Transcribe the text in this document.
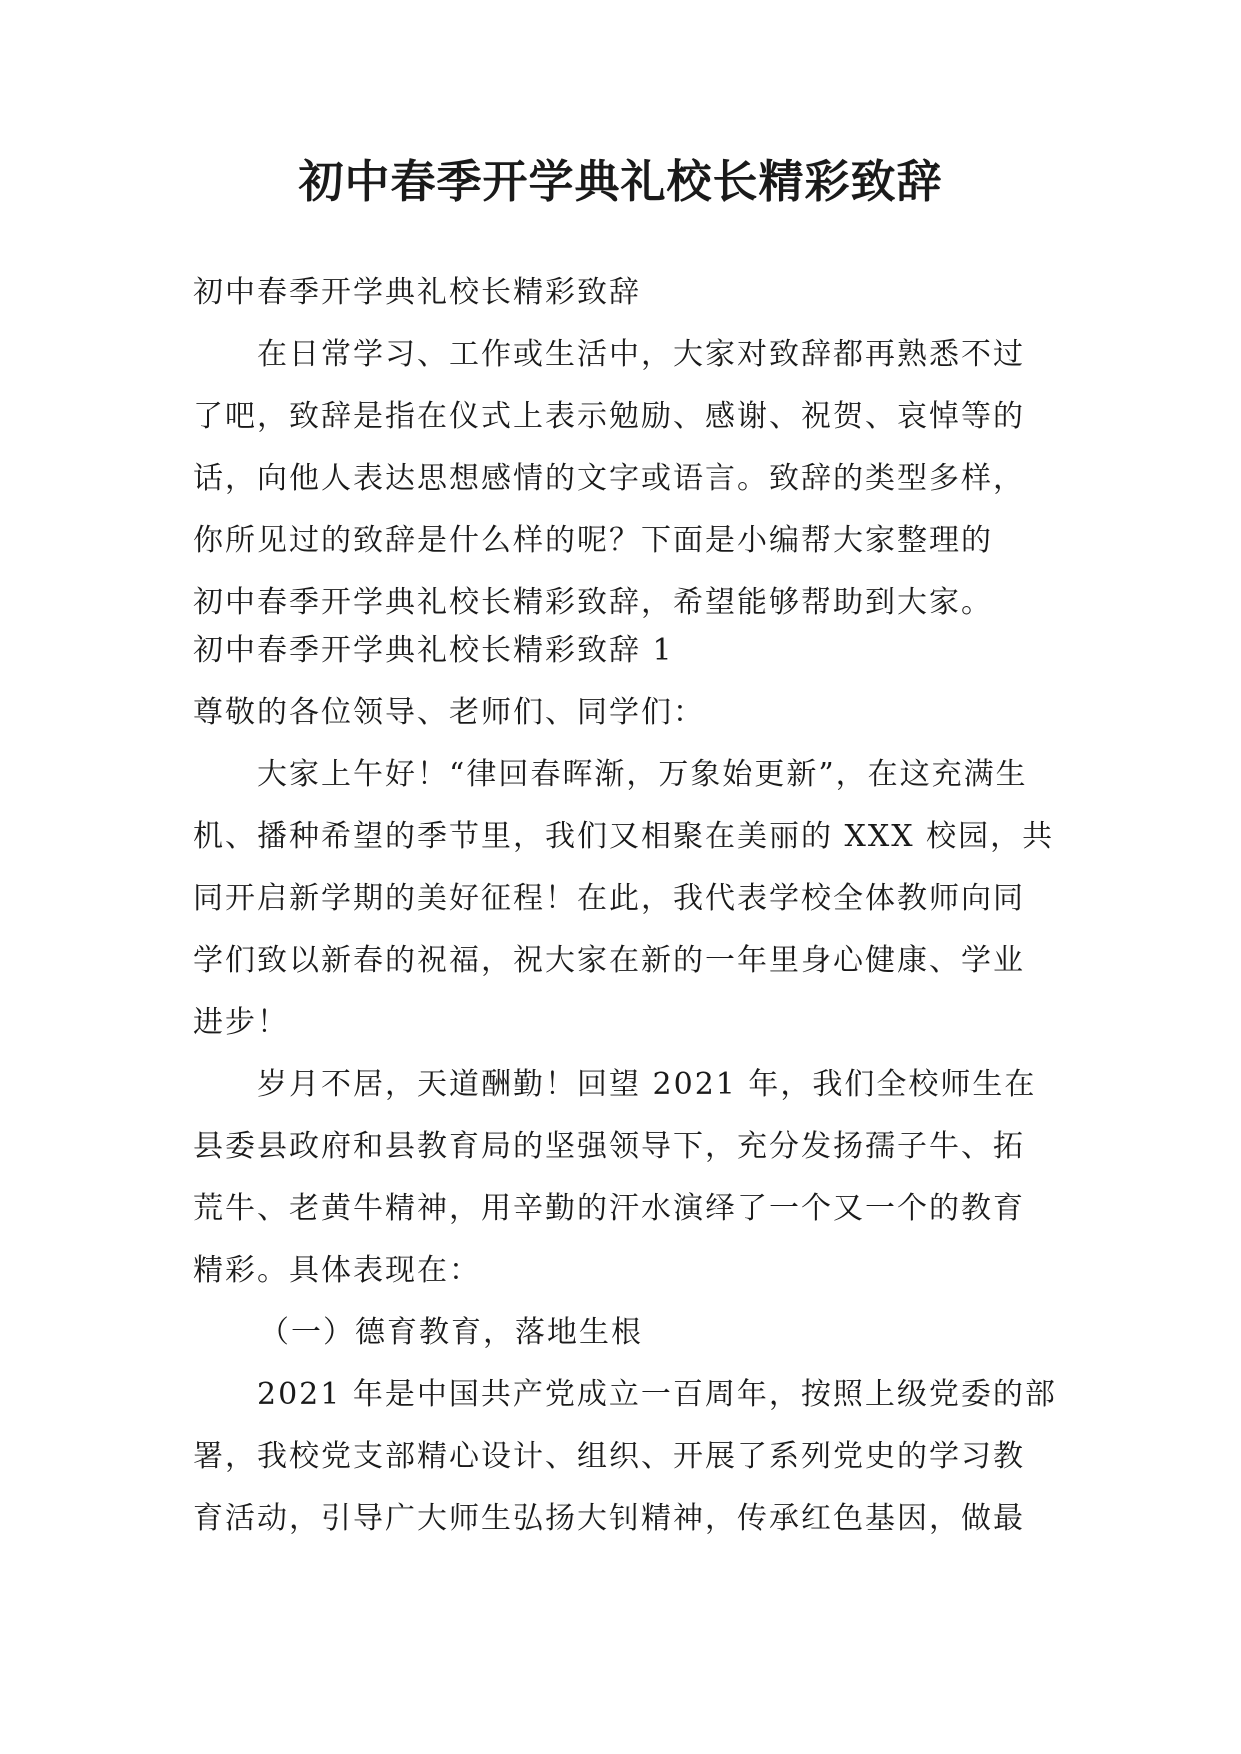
初中春季开学典礼校长精彩致辞
初中春季开学典礼校长精彩致辞
在日常学习、工作或生活中，大家对致辞都再熟悉不过
了吧，致辞是指在仪式上表示勉励、感谢、祝贺、哀悼等的
话，向他人表达思想感情的文字或语言。致辞的类型多样，
你所见过的致辞是什么样的呢？下面是小编帮大家整理的
初中春季开学典礼校长精彩致辞，希望能够帮助到大家。
初中春季开学典礼校长精彩致辞 1
尊敬的各位领导、老师们、同学们：
大家上午好！“律回春晖渐，万象始更新”，在这充满生
机、播种希望的季节里，我们又相聚在美丽的 XXX 校园，共
同开启新学期的美好征程！在此，我代表学校全体教师向同
学们致以新春的祝福，祝大家在新的一年里身心健康、学业
进步！
岁月不居，天道酬勤！回望 2021 年，我们全校师生在
县委县政府和县教育局的坚强领导下，充分发扬孺子牛、拓
荒牛、老黄牛精神，用辛勤的汗水演绎了一个又一个的教育
精彩。具体表现在：
（一）德育教育，落地生根
2021 年是中国共产党成立一百周年，按照上级党委的部
署，我校党支部精心设计、组织、开展了系列党史的学习教
育活动，引导广大师生弘扬大钊精神，传承红色基因，做最
